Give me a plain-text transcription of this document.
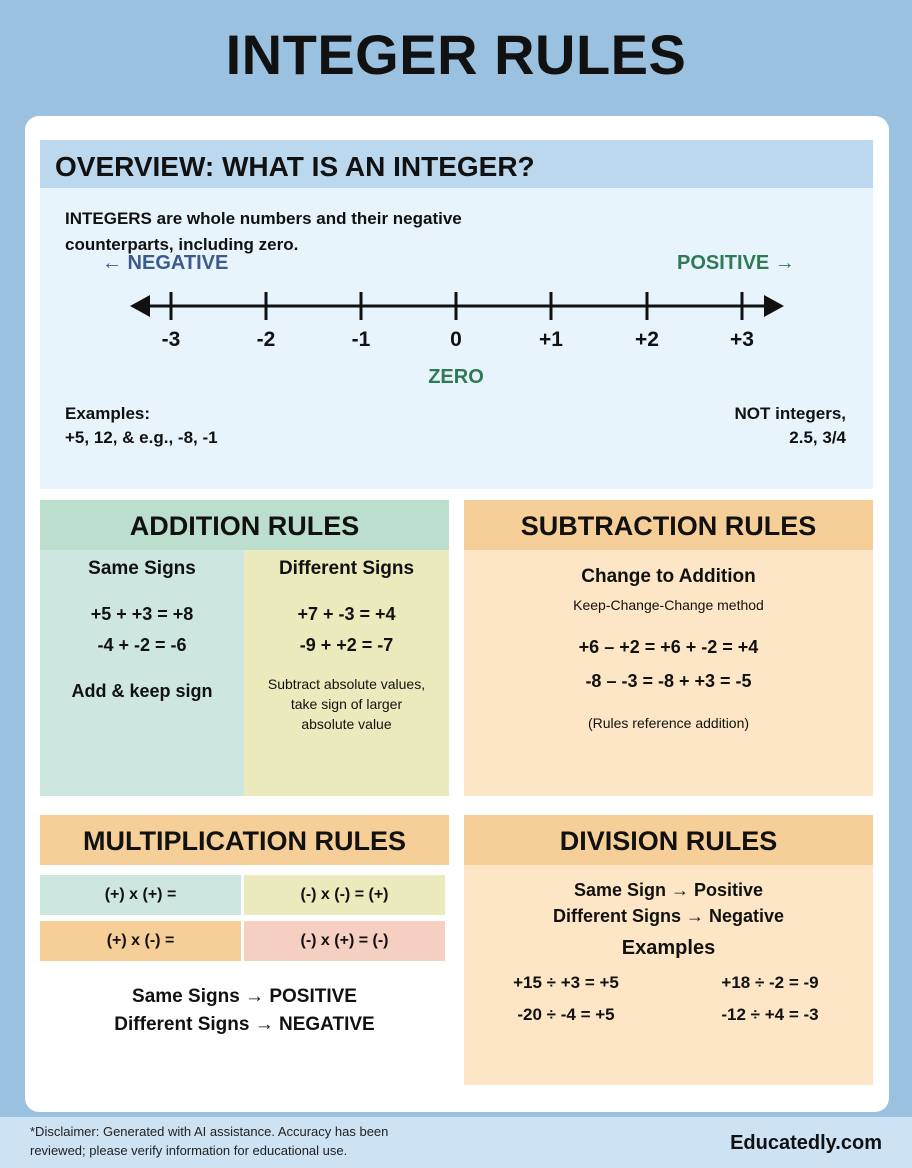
INTEGER RULES
OVERVIEW: WHAT IS AN INTEGER?
INTEGERS are whole numbers and their negative counterparts, including zero.
← NEGATIVE	POSITIVE →
-3	-2	-1	0	+1	+2	+3
ZERO
Examples:
+5, 12, & e.g., -8, -1
NOT integers,
2.5, 3/4
ADDITION RULES
Same Signs
+5 + +3 = +8
-4 + -2 = -6
Add & keep sign
Different Signs
+7 + -3 = +4
-9 + +2 = -7
Subtract absolute values, take sign of larger absolute value
SUBTRACTION RULES
Change to Addition
Keep-Change-Change method
+6 – +2 = +6 + -2 = +4
-8 – -3 = -8 + +3 = -5
(Rules reference addition)
MULTIPLICATION RULES
(+) x (+) =	(-) x (-) = (+)
(+) x (-) =	(-) x (+) = (-)
Same Signs → POSITIVE
Different Signs → NEGATIVE
DIVISION RULES
Same Sign → Positive
Different Signs → Negative
Examples
+15 ÷ +3 = +5	+18 ÷ -2 = -9
-20 ÷ -4 = +5	-12 ÷ +4 = -3
*Disclaimer: Generated with AI assistance. Accuracy has been reviewed; please verify information for educational use.	Educatedly.com
